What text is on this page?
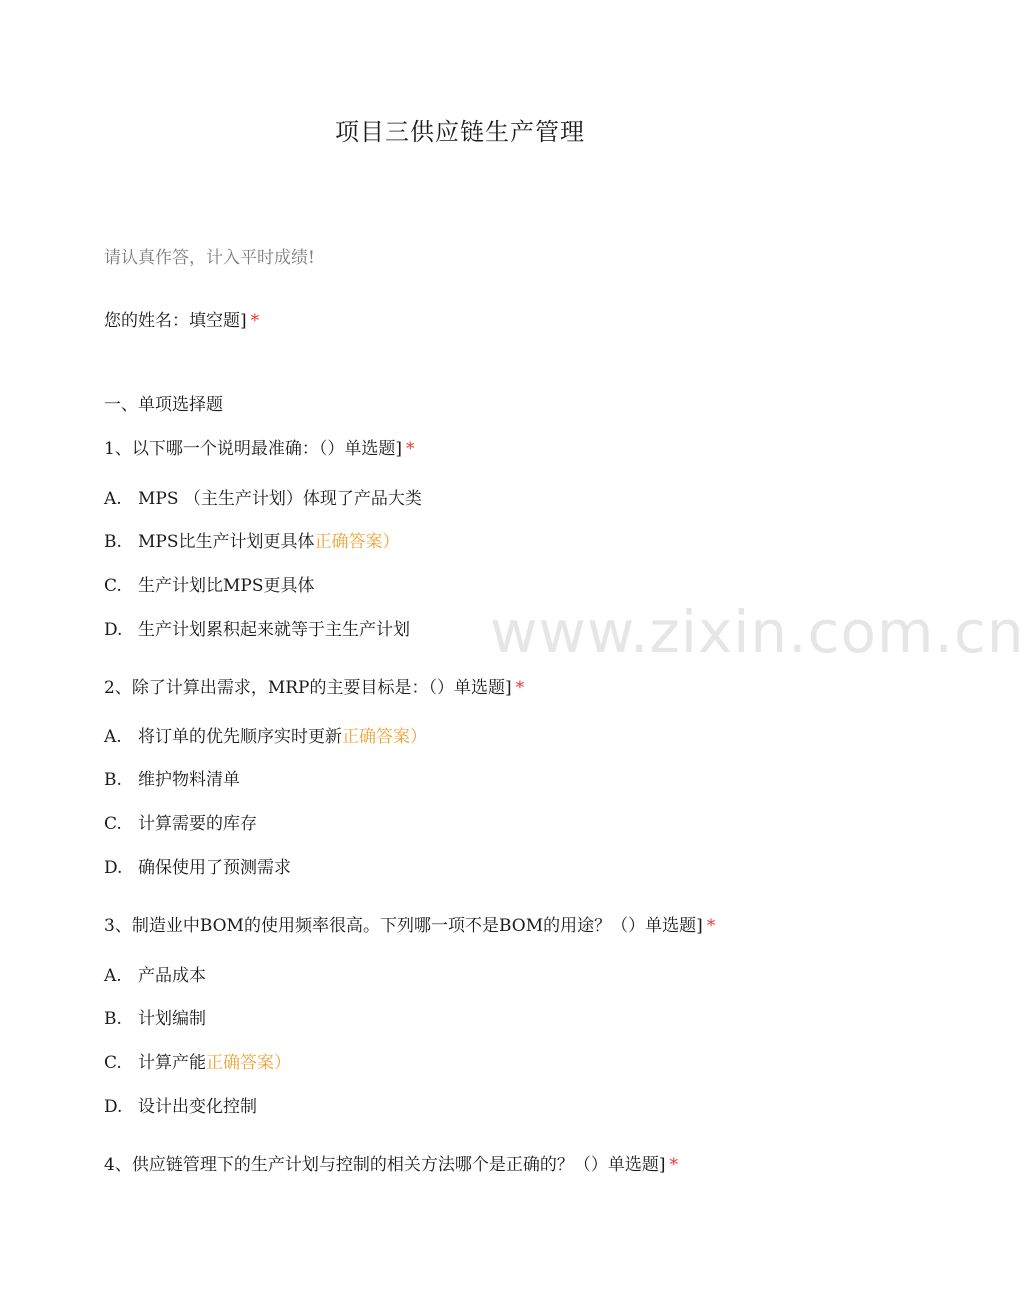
项目三供应链生产管理
请认真作答，计入平时成绩!
您的姓名：填空题] *
一、单项选择题
1、以下哪一个说明最准确：（）单选题] *
A. MPS （主生产计划）体现了产品大类
B. MPS比生产计划更具体正确答案）
C. 生产计划比MPS更具体
D. 生产计划累积起来就等于主生产计划
2、除了计算出需求，MRP的主要目标是：（）单选题] *
A. 将订单的优先顺序实时更新正确答案）
B. 维护物料清单
C. 计算需要的库存
D. 确保使用了预测需求
3、制造业中BOM的使用频率很高。下列哪一项不是BOM的用途？（）单选题] *
A. 产品成本
B. 计划编制
C. 计算产能正确答案）
D. 设计出变化控制
4、供应链管理下的生产计划与控制的相关方法哪个是正确的？（）单选题] *
www.zixin.com.cn
